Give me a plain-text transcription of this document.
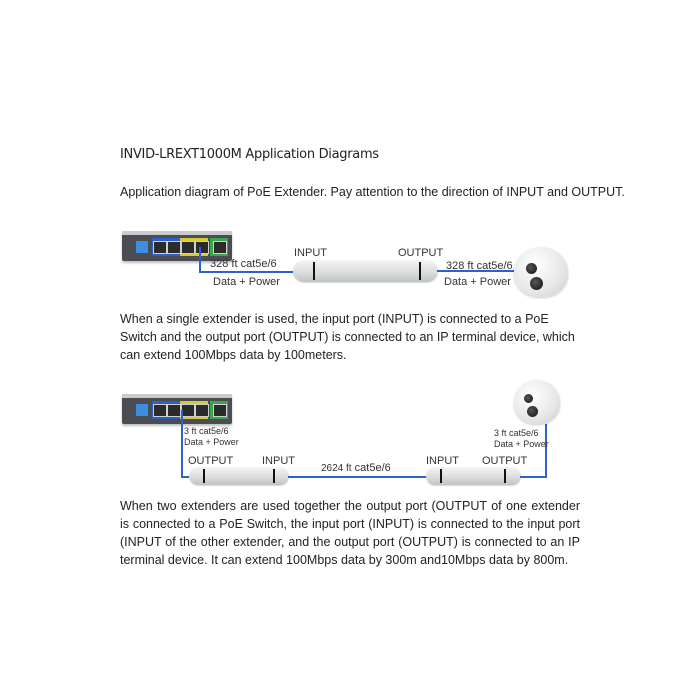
INVID-LREXT1000M Application Diagrams
Application diagram of PoE Extender. Pay attention to the direction of INPUT and OUTPUT.
328 ft cat5e/6
Data + Power
INPUT	OUTPUT
328 ft cat5e/6
Data + Power
When a single extender is used, the input port (INPUT) is connected to a PoE Switch and the output port (OUTPUT) is connected to an IP terminal device, which can extend 100Mbps data by 100meters.
3 ft cat5e/6
Data + Power
OUTPUT	INPUT
2624 ft cat5e/6
INPUT OUTPUT
3 ft cat5e/6
Data + Power
When two extenders are used together the output port (OUTPUT of one extender is connected to a PoE Switch, the input port (INPUT) is connected to the input port (INPUT of the other extender, and the output port (OUTPUT) is connected to an IP terminal device. It can extend 100Mbps data by 300m and10Mbps data by 800m.
